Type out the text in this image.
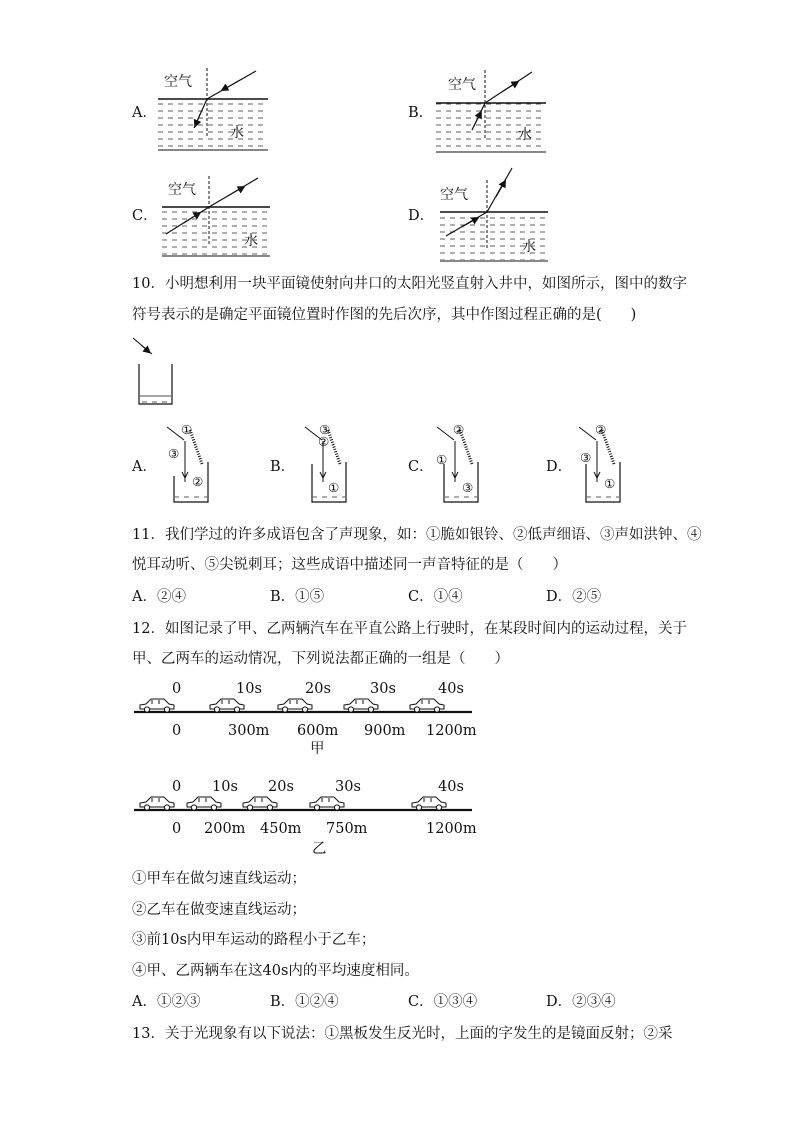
A．	B．
C．	D．
空气	空气
空气	空气
10．小明想利用一块平面镜使射向井口的太阳光竖直射入井中，如图所示，图中的数字
符号表示的是确定平面镜位置时作图的先后次序，其中作图过程正确的是(　　)
A．	B．	C．	D．
①
③
②
③
②
①
②
①
③
②
③
①
11．我们学过的许多成语包含了声现象，如：①脆如银铃、②低声细语、③声如洪钟、④
悦耳动听、⑤尖锐刺耳；这些成语中描述同一声音特征的是（　　）
A．②④	B．①⑤	C．①④	D．②⑤
12．如图记录了甲、乙两辆汽车在平直公路上行驶时，在某段时间内的运动过程，关于
甲、乙两车的运动情况，下列说法都正确的一组是（　　）
0	10s	20s	30s	40s
0	300m 600m 900m 1200m
甲
0 10s 20s	30s	40s
0 200m 450m 750m	1200m
乙
①甲车在做匀速直线运动；
②乙车在做变速直线运动；
③前10s内甲车运动的路程小于乙车；
④甲、乙两辆车在这40s内的平均速度相同。
A．①②③	B．①②④	C．①③④	D．②③④
13．关于光现象有以下说法：①黑板发生反光时，上面的字发生的是镜面反射；②采
